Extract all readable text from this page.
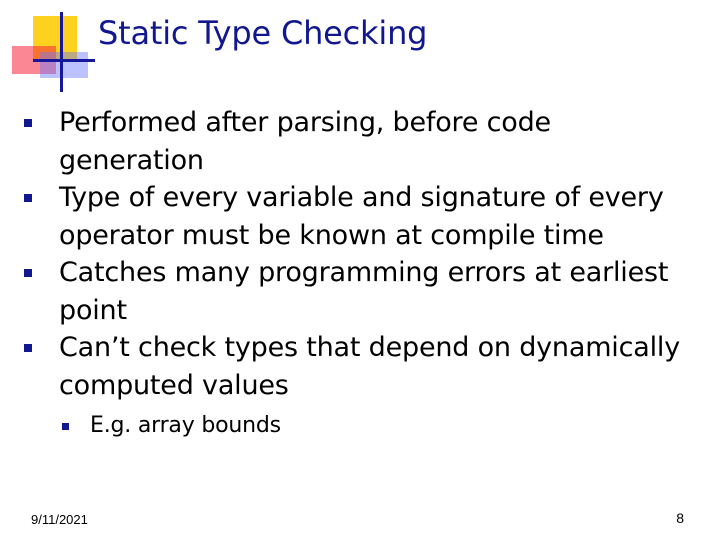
Static Type Checking
Performed after parsing, before code generation
Type of every variable and signature of every operator must be known at compile time
Catches many programming errors at earliest point
Can’t check types that depend on dynamically computed values
E.g. array bounds
9/11/2021	8
